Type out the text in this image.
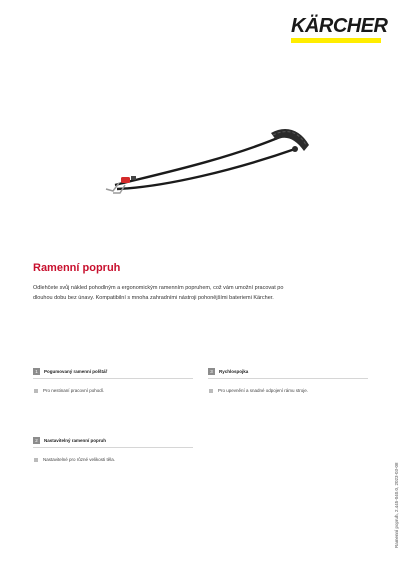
KÄRCHER
Ramenní popruh

Odlehčete svůj nákled pohodlným a ergonomickým ramenním popruhem, což vám umožní pracovat po dlouhou dobu bez únavy. Kompatibilní s mnoha zahradními nástroji pohonějšími bateriemi Kärcher.

1	Pogumovaný ramenní polštář
Pro nestinaní pracovní pohodí.
3	Rychlospojka
Pro upevnění a snadné odpojení rámu stroje.
2	Nastavitelný ramenní popruh
Nastavitelné pro různé velikosti těla.
Ramenní popruh, 2.445-040.0, 2023-03-08
